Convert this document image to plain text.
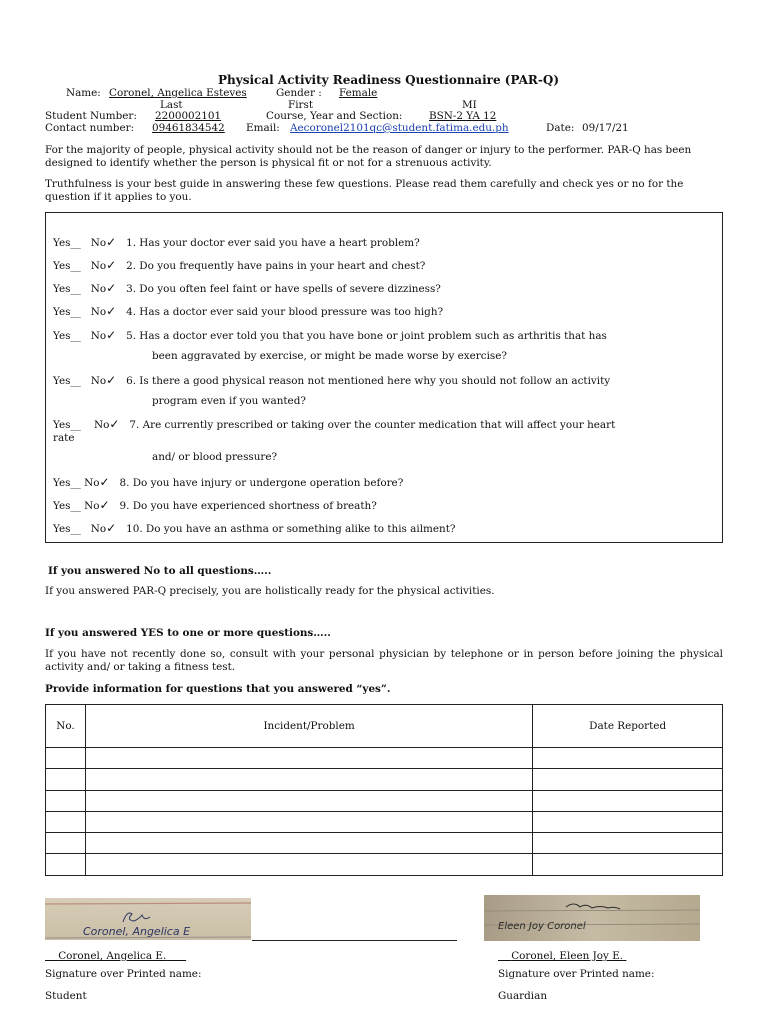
Physical Activity Readiness Questionnaire (PAR-Q)
Name: Coronel, Angelica Esteves	Gender : Female
Last	First	MI
Student Number: 2200002101	Course, Year and Section:	BSN-2 YA 12
Contact number: 09461834542 Email: Aecoronel2101qc@student.fatima.edu.ph	Date: 09/17/21
For the majority of people, physical activity should not be the reason of danger or injury to the performer. PAR-Q has been designed to identify whether the person is physical fit or not for a strenuous activity.
Truthfulness is your best guide in answering these few questions. Please read them carefully and check yes or no for the question if it applies to you.
Yes__ No✓ 1. Has your doctor ever said you have a heart problem?
Yes__ No✓ 2. Do you frequently have pains in your heart and chest?
Yes__ No✓ 3. Do you often feel faint or have spells of severe dizziness?
Yes__ No✓ 4. Has a doctor ever said your blood pressure was too high?
Yes__ No✓ 5. Has a doctor ever told you that you have bone or joint problem such as arthritis that has
been aggravated by exercise, or might be made worse by exercise?
Yes__ No✓ 6. Is there a good physical reason not mentioned here why you should not follow an activity
program even if you wanted?
Yes__ No✓ 7. Are currently prescribed or taking over the counter medication that will affect your heart
rate
and/ or blood pressure?
Yes__ No✓ 8. Do you have injury or undergone operation before?
Yes__ No✓ 9. Do you have experienced shortness of breath?
Yes__ No✓ 10. Do you have an asthma or something alike to this ailment?
If you answered No to all questions…..
If you answered PAR-Q precisely, you are holistically ready for the physical activities.
If you answered YES to one or more questions…..
If you have not recently done so, consult with your personal physician by telephone or in person before joining the physical activity and/ or taking a fitness test.
Provide information for questions that you answered “yes”.
No.	Incident/Problem	Date Reported

Coronel, Angelica E	Eleen Joy Coronel
Coronel, Angelica E.	Coronel, Eleen Joy E.
Signature over Printed name:	Signature over Printed name:
Student	Guardian
